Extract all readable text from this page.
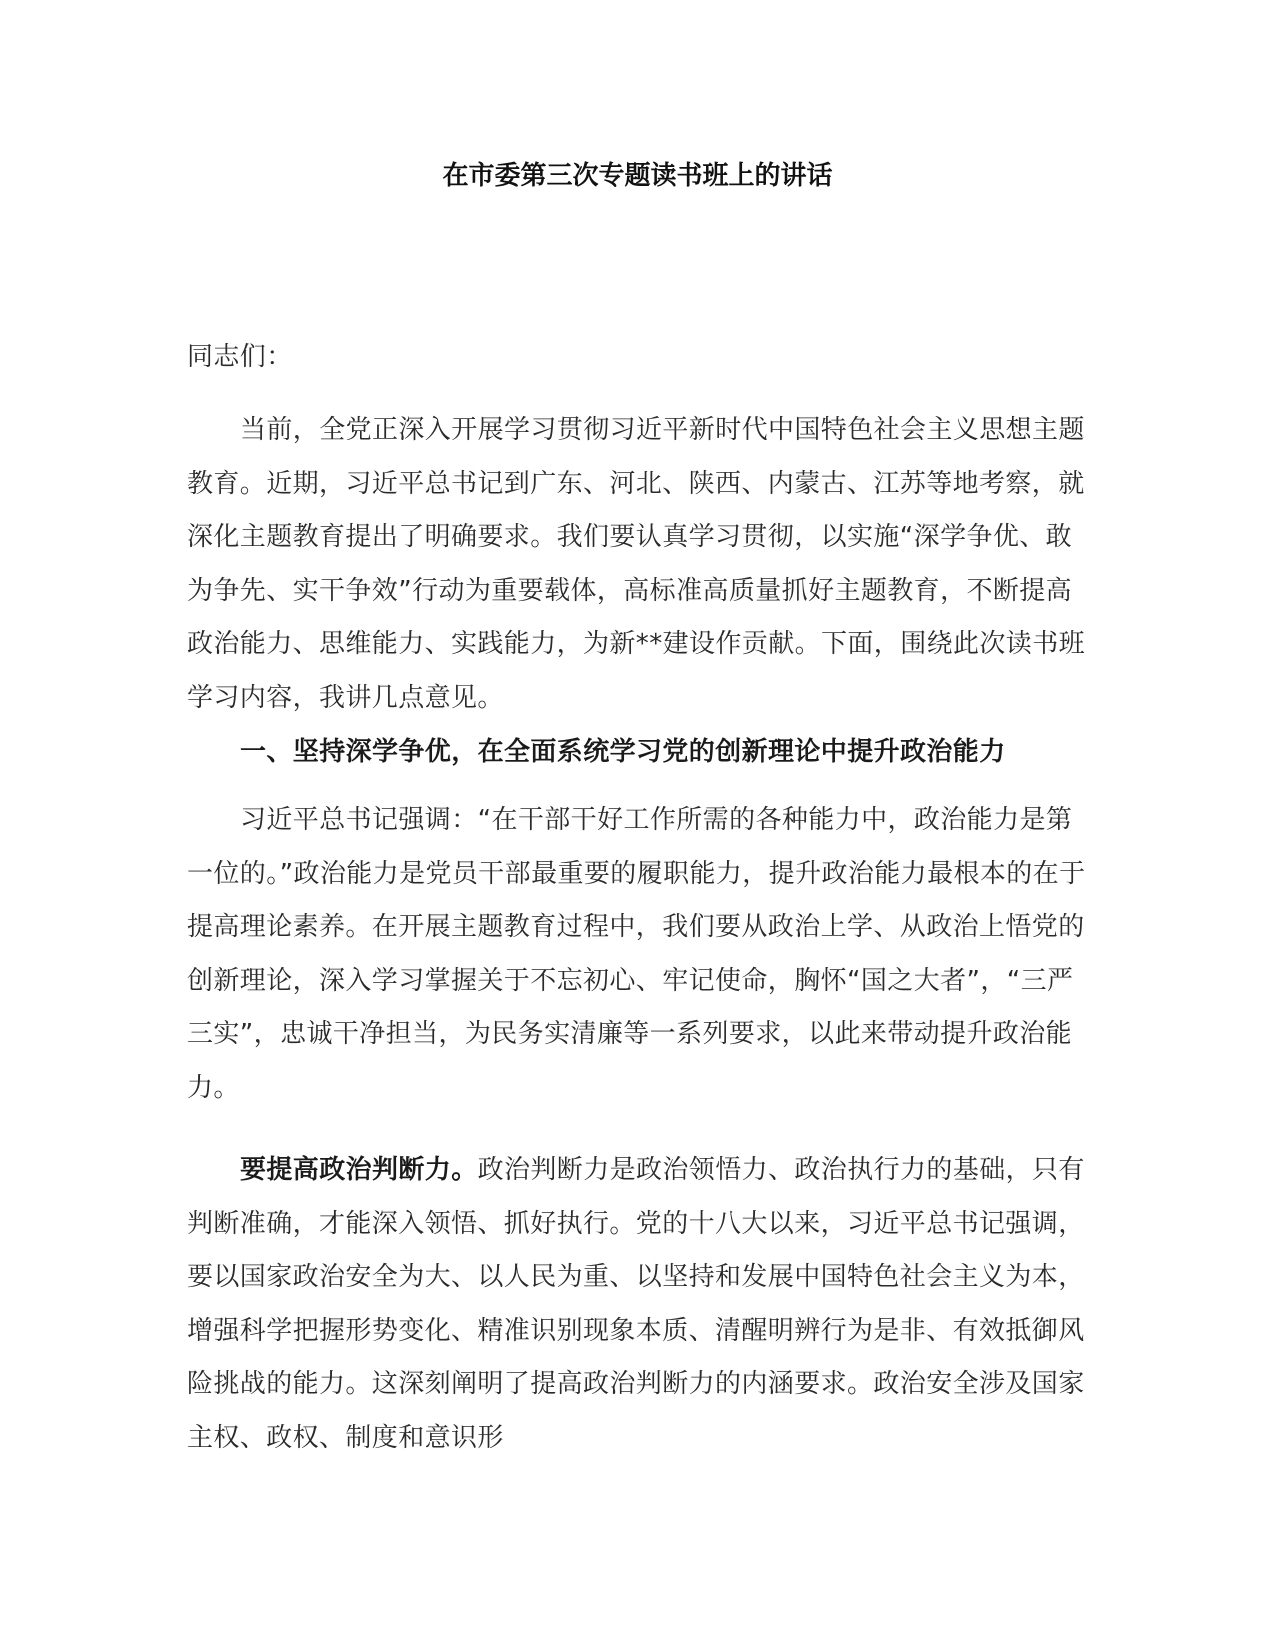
在市委第三次专题读书班上的讲话

同志们：

当前，全党正深入开展学习贯彻习近平新时代中国特色社会主义思想主题教育。近期，习近平总书记到广东、河北、陕西、内蒙古、江苏等地考察，就深化主题教育提出了明确要求。我们要认真学习贯彻，以实施“深学争优、敢为争先、实干争效”行动为重要载体，高标准高质量抓好主题教育，不断提高政治能力、思维能力、实践能力，为新**建设作贡献。下面，围绕此次读书班学习内容，我讲几点意见。

一、坚持深学争优，在全面系统学习党的创新理论中提升政治能力

习近平总书记强调：“在干部干好工作所需的各种能力中，政治能力是第一位的。”政治能力是党员干部最重要的履职能力，提升政治能力最根本的在于提高理论素养。在开展主题教育过程中，我们要从政治上学、从政治上悟党的创新理论，深入学习掌握关于不忘初心、牢记使命，胸怀“国之大者”，“三严三实”，忠诚干净担当，为民务实清廉等一系列要求，以此来带动提升政治能力。

要提高政治判断力。政治判断力是政治领悟力、政治执行力的基础，只有判断准确，才能深入领悟、抓好执行。党的十八大以来，习近平总书记强调，要以国家政治安全为大、以人民为重、以坚持和发展中国特色社会主义为本，增强科学把握形势变化、精准识别现象本质、清醒明辨行为是非、有效抵御风险挑战的能力。这深刻阐明了提高政治判断力的内涵要求。政治安全涉及国家主权、政权、制度和意识形
